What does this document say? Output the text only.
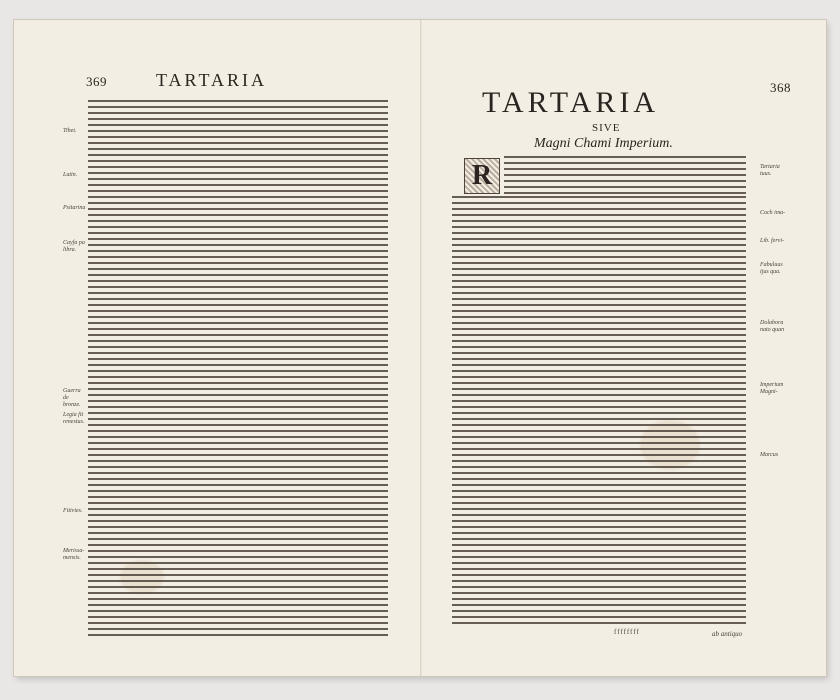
369	TARTARIA	368
TARTARIA
SIVE
Magni Chami Imperium.
R
Tibet.
Lutin.
Psitarina
Cayfa pa libra.
Guerra de bronze.
Legia fit renestus.
Fitivies.
Merissa-mensis.
Tartaria tuus.
Coch ima-
Lib. fervi-
Fabuluus ijus qua.
Dolabora nato quan
Imperium Magni-
Marcus
ffffffff	ab antiquo
